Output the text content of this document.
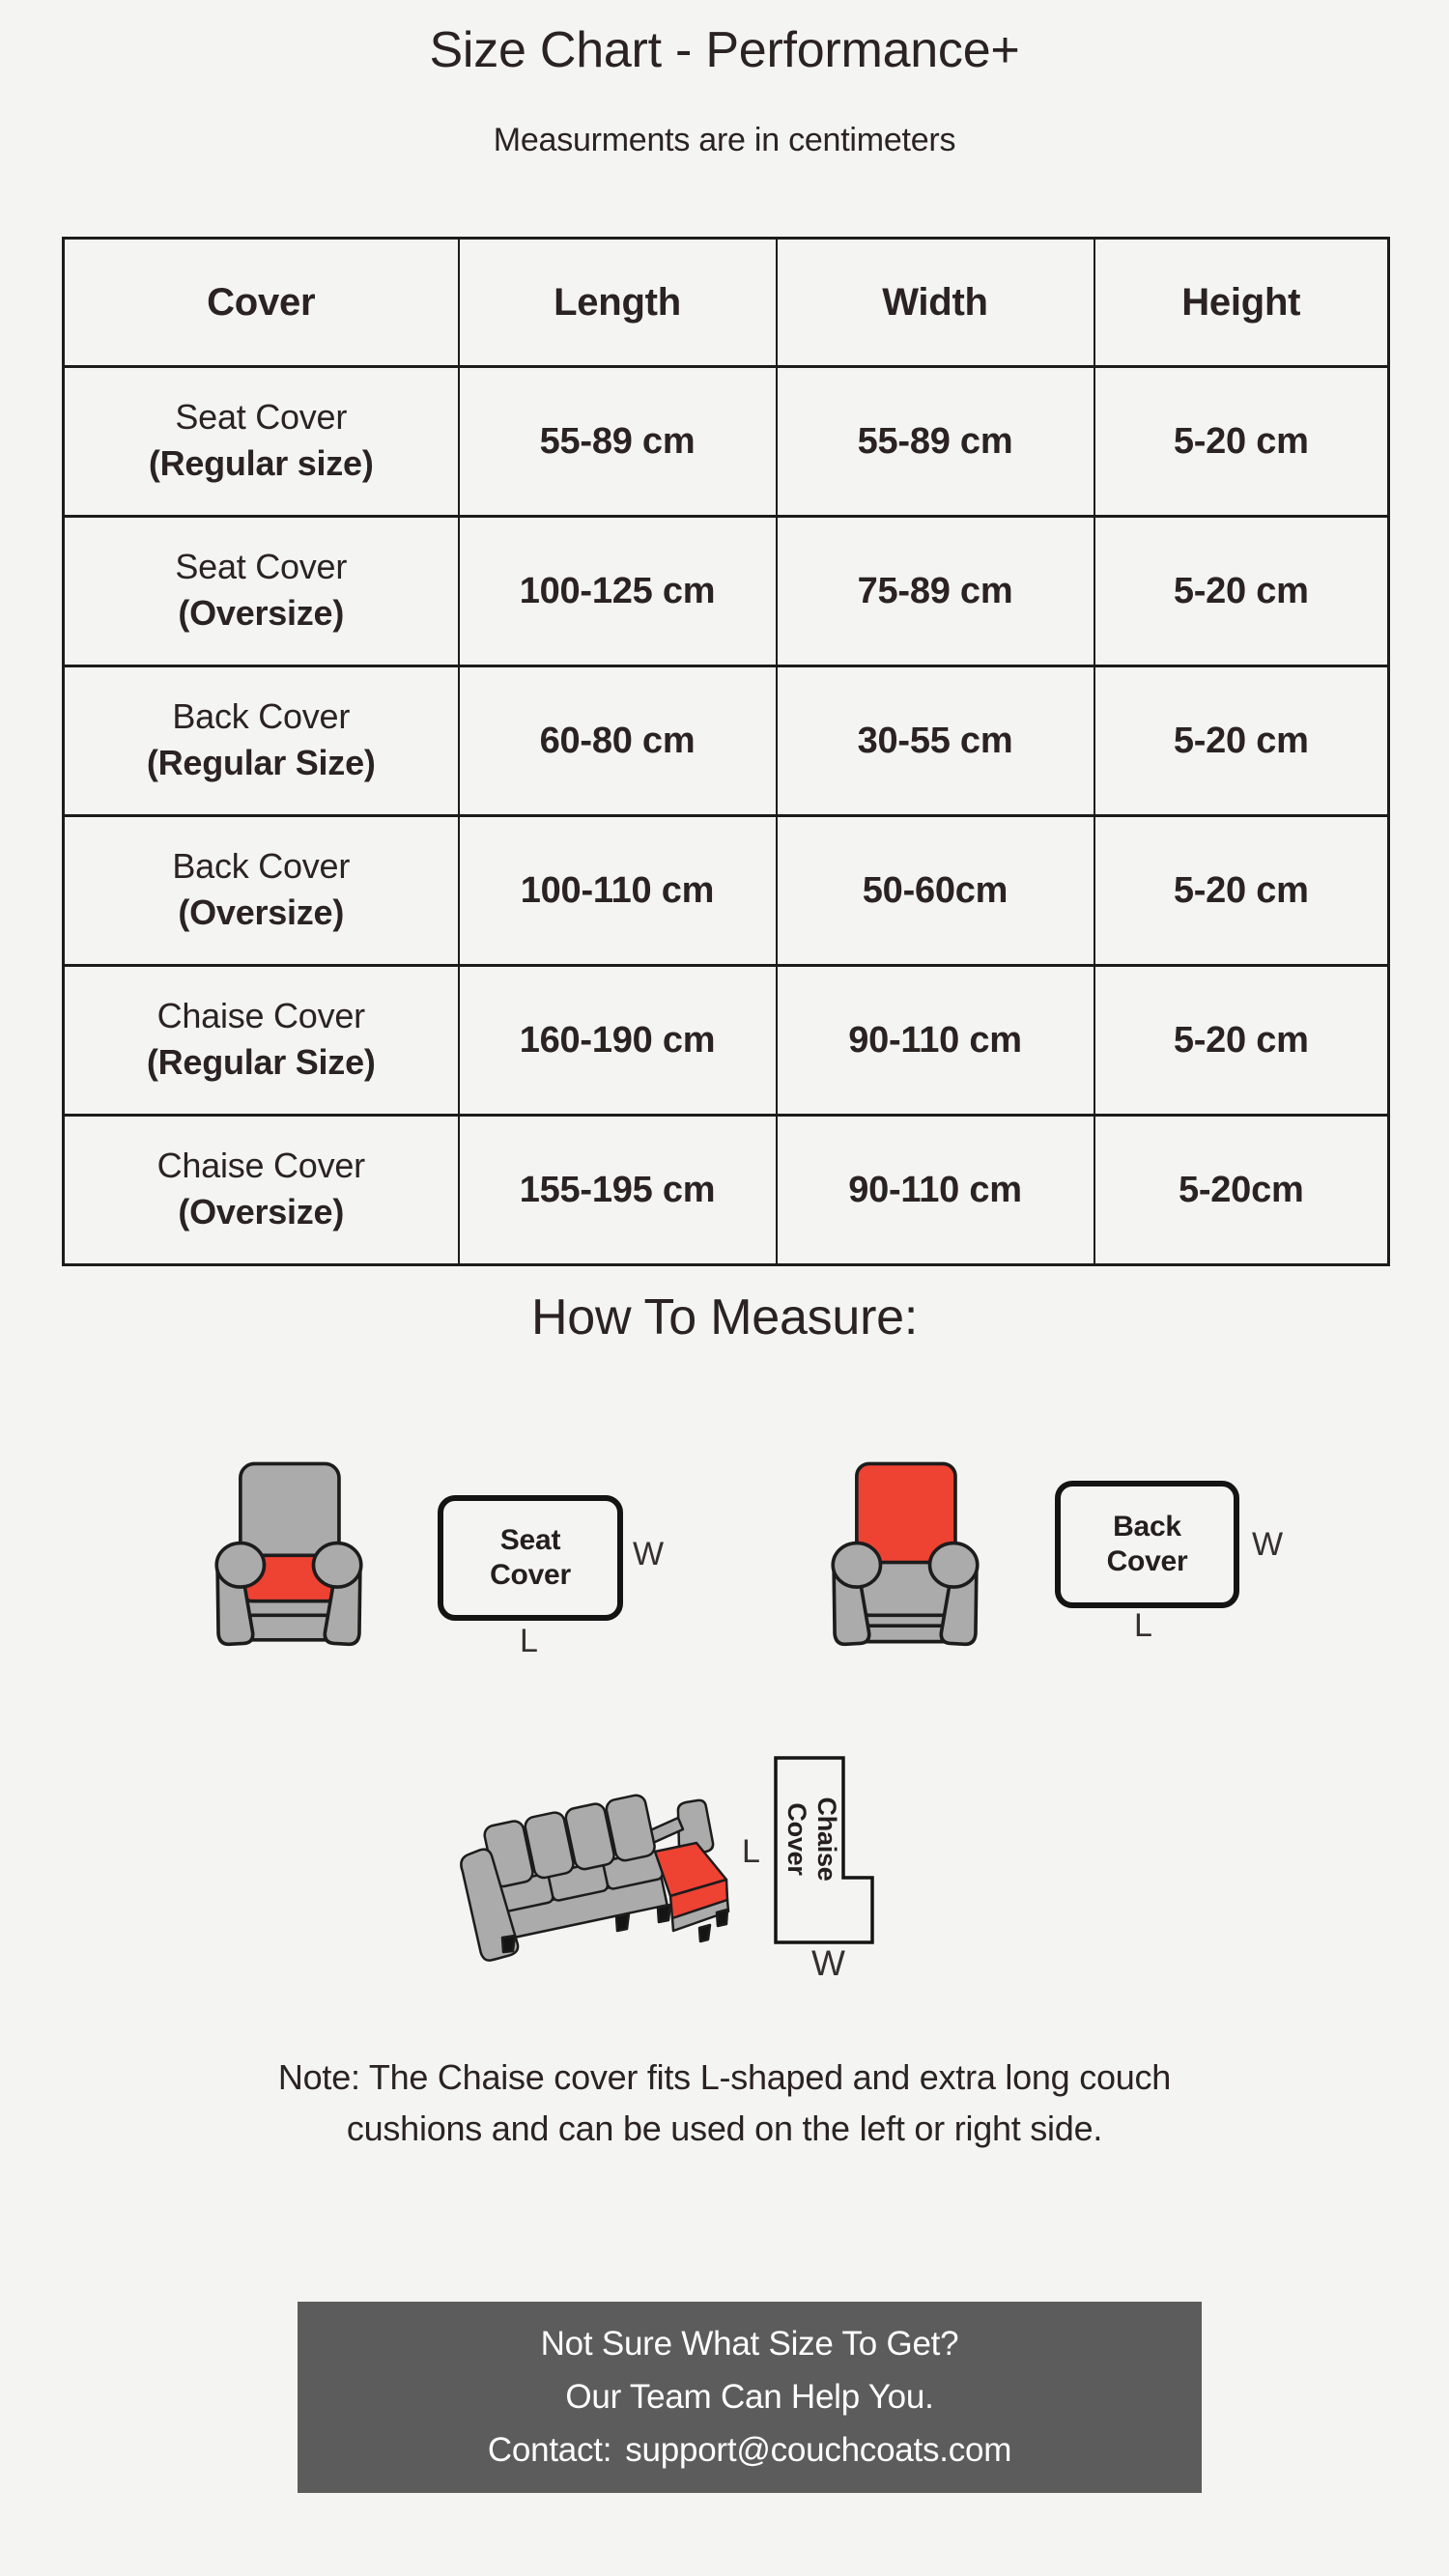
Size Chart - Performance+
Measurments are in centimeters
Cover	Length	Width	Height

Seat Cover
(Regular size)	55-89 cm	55-89 cm	5-20 cm

Seat Cover
(Oversize)	100-125 cm	75-89 cm	5-20 cm

Back Cover
(Regular Size)	60-80 cm	30-55 cm	5-20 cm

Back Cover
(Oversize)	100-110 cm	50-60cm	5-20 cm

Chaise Cover
(Regular Size)	160-190 cm	90-110 cm	5-20 cm

Chaise Cover
(Oversize)	155-195 cm	90-110 cm	5-20cm
How To Measure:
Seat
Cover
W
L
Back
Cover W
L
Chaise
Cover
L
W

Note: The Chaise cover fits L-shaped and extra long couch
cushions and can be used on the left or right side.

Not Sure What Size To Get?
Our Team Can Help You.
Contact: support@couchcoats.com
